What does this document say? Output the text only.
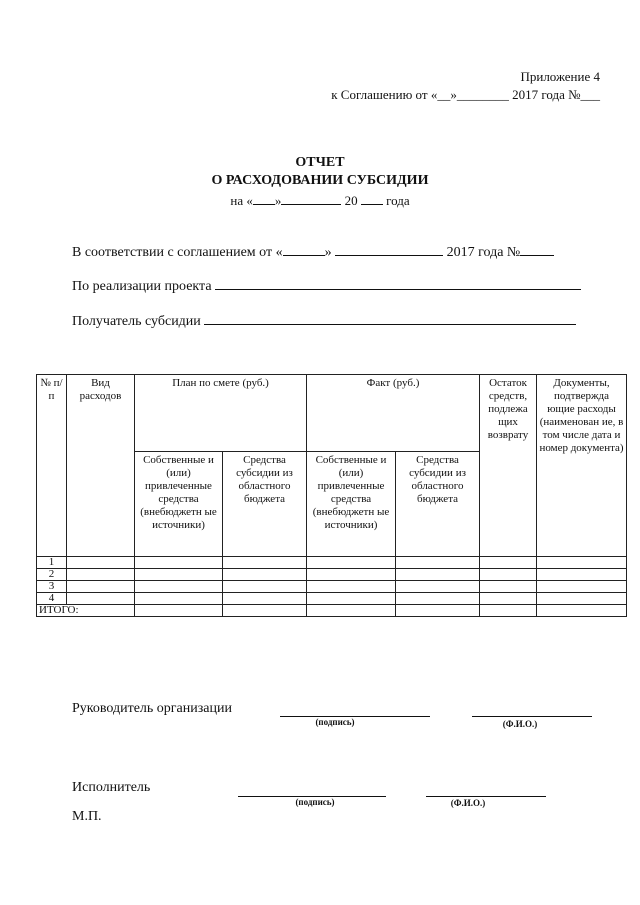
Приложение 4
к Соглашению от «__»________ 2017 года №___
ОТЧЕТ
О РАСХОДОВАНИИ СУБСИДИИ
на « »	20 года
В соответствии с соглашением от «	»	2017 года №
По реализации проекта
Получатель субсидии
№ п/п	Вид расходов	План по смете (руб.)		Факт (руб.)		Остаток средств, подлежа щих возврату	Документы, подтвержда ющие расходы (наименован ие, в том числе дата и номер документа)
		Собственные и (или) привлеченные средства (внебюджетн ые источники)	Средства субсидии из областного бюджета	Собственные и (или) привлеченные средства (внебюджетн ые источники)	Средства субсидии из областного бюджета		
1							
2							
3							
4							
ИТОГО:							
Руководитель организации
(подпись)	(Ф.И.О.)
Исполнитель
(подпись)	(Ф.И.О.)
М.П.
